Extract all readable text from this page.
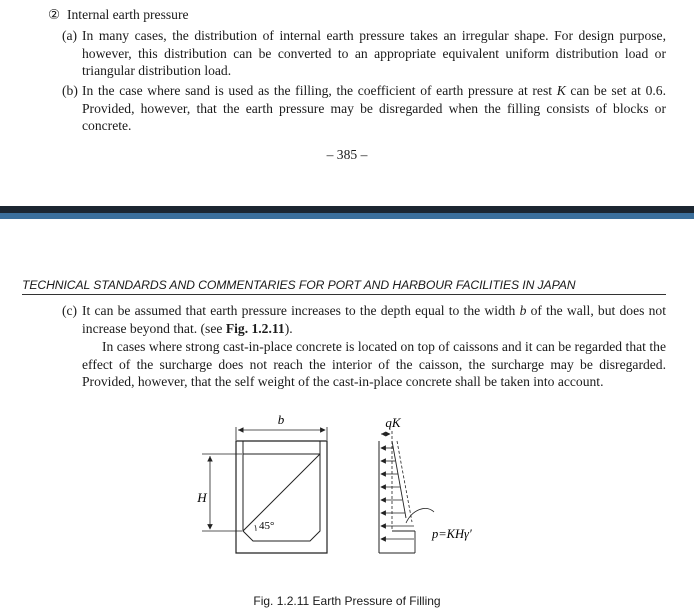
② Internal earth pressure
(a) In many cases, the distribution of internal earth pressure takes an irregular shape. For design purpose, however, this distribution can be converted to an appropriate equivalent uniform distribution load or triangular distribution load.
(b) In the case where sand is used as the filling, the coefficient of earth pressure at rest K can be set at 0.6. Provided, however, that the earth pressure may be disregarded when the filling consists of blocks or concrete.
– 385 –
TECHNICAL STANDARDS AND COMMENTARIES FOR PORT AND HARBOUR FACILITIES IN JAPAN
(c) It can be assumed that earth pressure increases to the depth equal to the width b of the wall, but does not increase beyond that. (see Fig. 1.2.11).
In cases where strong cast-in-place concrete is located on top of caissons and it can be regarded that the effect of the surcharge does not reach the interior of the caisson, the surcharge may be disregarded. Provided, however, that the self weight of the cast-in-place concrete shall be taken into account.
b
45°
H
qK
p=KHγ′
Fig. 1.2.11 Earth Pressure of Filling
